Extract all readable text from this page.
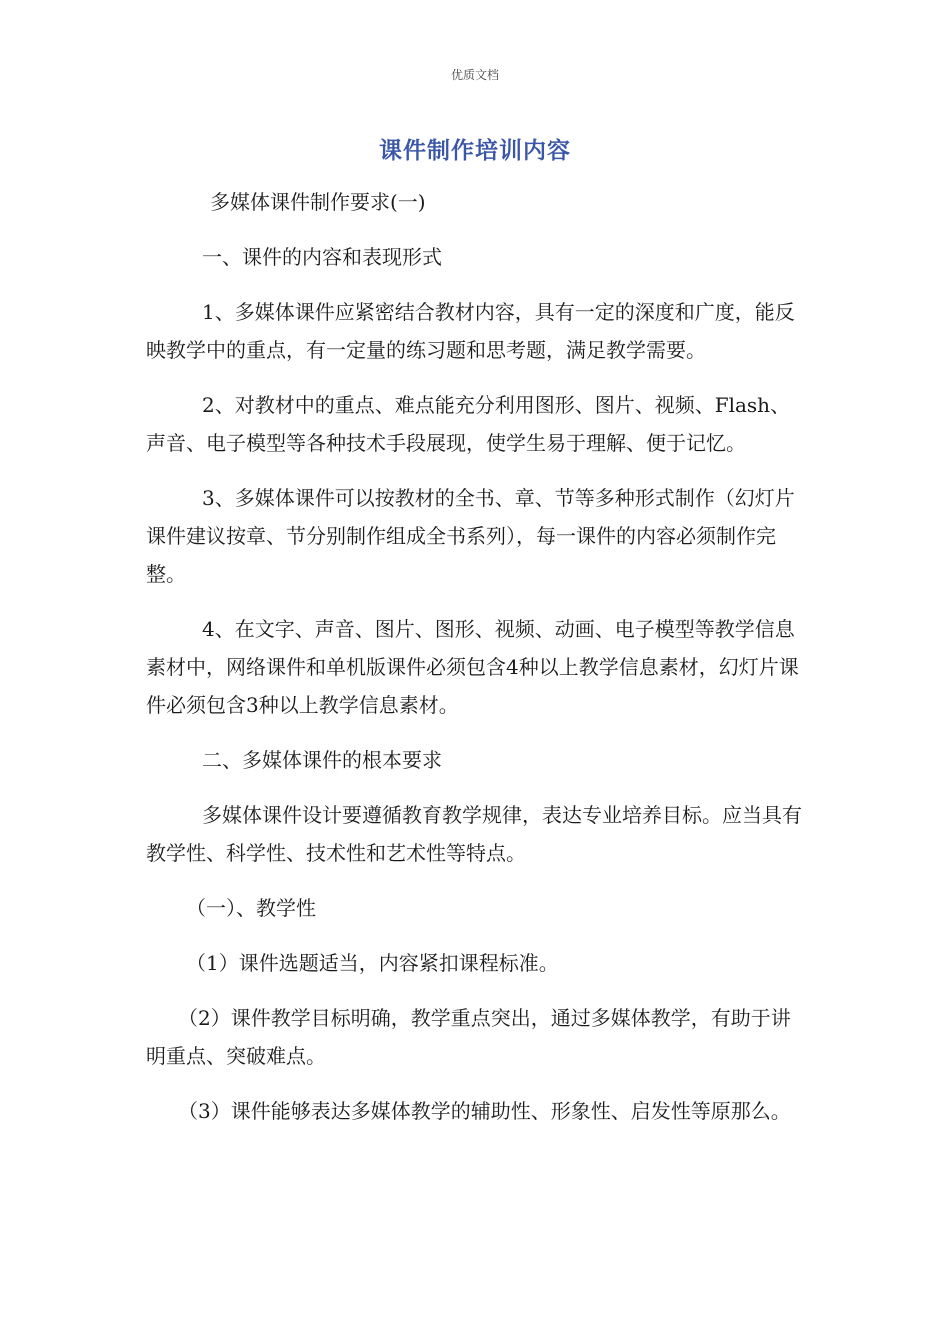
优质文档
课件制作培训内容

多媒体课件制作要求(一)

一、课件的内容和表现形式

1、多媒体课件应紧密结合教材内容，具有一定的深度和广度，能反映教学中的重点，有一定量的练习题和思考题，满足教学需要。

2、对教材中的重点、难点能充分利用图形、图片、视频、Flash、声音、电子模型等各种技术手段展现，使学生易于理解、便于记忆。

3、多媒体课件可以按教材的全书、章、节等多种形式制作（幻灯片课件建议按章、节分别制作组成全书系列），每一课件的内容必须制作完整。

4、在文字、声音、图片、图形、视频、动画、电子模型等教学信息素材中，网络课件和单机版课件必须包含4种以上教学信息素材，幻灯片课件必须包含3种以上教学信息素材。

二、多媒体课件的根本要求

多媒体课件设计要遵循教育教学规律，表达专业培养目标。应当具有教学性、科学性、技术性和艺术性等特点。

（一）、教学性

（1）课件选题适当，内容紧扣课程标准。

（2）课件教学目标明确，教学重点突出，通过多媒体教学，有助于讲明重点、突破难点。

（3）课件能够表达多媒体教学的辅助性、形象性、启发性等原那么。
